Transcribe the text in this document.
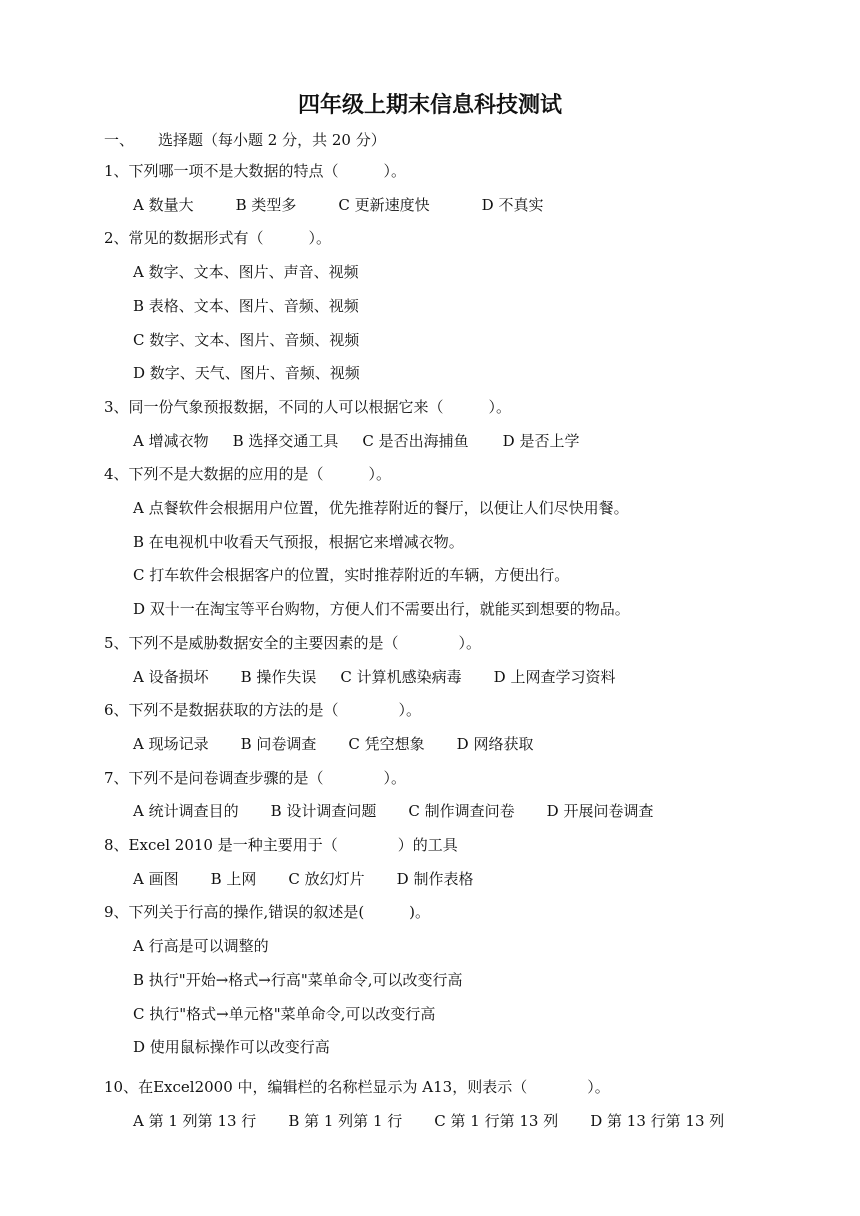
四年级上期末信息科技测试
一、 选择题（每小题 2 分，共 20 分）
1、下列哪一项不是大数据的特点（　　　）。
A 数量大	B 类型多	C 更新速度快	D 不真实
2、常见的数据形式有（　　　）。
A 数字、文本、图片、声音、视频
B 表格、文本、图片、音频、视频
C 数字、文本、图片、音频、视频
D 数字、天气、图片、音频、视频
3、同一份气象预报数据，不同的人可以根据它来（　　　）。
A 增减衣物 B 选择交通工具 C 是否出海捕鱼 D 是否上学
4、下列不是大数据的应用的是（　　　）。
A 点餐软件会根据用户位置，优先推荐附近的餐厅，以便让人们尽快用餐。
B 在电视机中收看天气预报，根据它来增减衣物。
C 打车软件会根据客户的位置，实时推荐附近的车辆，方便出行。
D 双十一在淘宝等平台购物，方便人们不需要出行，就能买到想要的物品。
5、下列不是威胁数据安全的主要因素的是（　　　　）。
A 设备损坏 B 操作失误 C 计算机感染病毒 D 上网查学习资料
6、下列不是数据获取的方法的是（　　　　）。
A 现场记录 B 问卷调查 C 凭空想象 D 网络获取
7、下列不是问卷调查步骤的是（　　　　）。
A 统计调查目的 B 设计调查问题 C 制作调查问卷 D 开展问卷调查
8、Excel 2010 是一种主要用于（　　　　）的工具
A 画图 B 上网 C 放幻灯片 D 制作表格
9、下列关于行高的操作,错误的叙述是(　　　)。
A 行高是可以调整的
B 执行"开始→格式→行高"菜单命令,可以改变行高
C 执行"格式→单元格"菜单命令,可以改变行高
D 使用鼠标操作可以改变行高
10、在Excel2000 中，编辑栏的名称栏显示为 A13，则表示（　　　　）。
A 第 1 列第 13 行 B 第 1 列第 1 行 C 第 1 行第 13 列 D 第 13 行第 13 列
